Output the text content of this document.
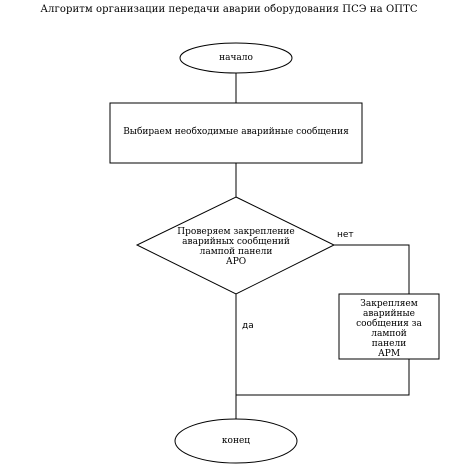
Алгоритм организации передачи аварии оборудования ПСЭ на ОПТС
начало
Выбираем необходимые аварийные сообщения
Проверяем закрепление
аварийных сообщений
лампой панели
АРО
Закрепляем
аварийные
сообщения за лампой
панели
АРМ
конец
нет
да
